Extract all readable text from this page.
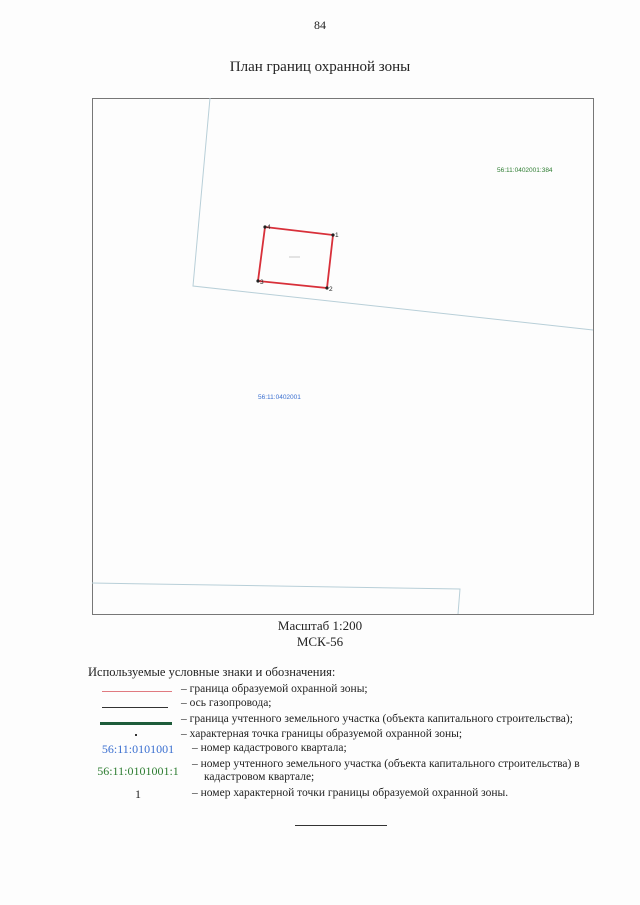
84
План границ охранной зоны
1
2
3
4
56:11:0402001:384
56:11:0402001
Масштаб 1:200
МСК-56
Используемые условные знаки и обозначения:
– граница образуемой охранной зоны;
– ось газопровода;
– граница учтенного земельного участка (объекта капитального строительства);
– характерная точка границы образуемой охранной зоны;
56:11:0101001	– номер кадастрового квартала;
56:11:0101001:1	– номер учтенного земельного участка (объекта капитального строительства) в
кадастровом квартале;
1	– номер характерной точки границы образуемой охранной зоны.
